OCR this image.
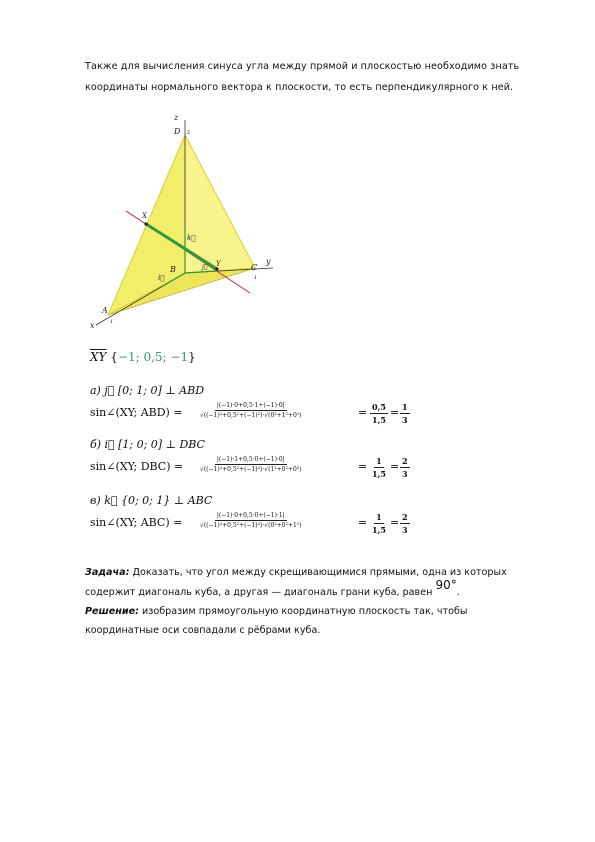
Также для вычисления синуса угла между прямой и плоскостью необходимо знать
координаты нормального вектора к плоскости, то есть перпендикулярного к ней.
z
D z
X
k⃗
B
Y	C
y
j⃗
i⃗
A
x	1
1
$\overline{XY}$ {−1; 0,5; −1}
а) j⃗ [0; 1; 0] ⊥ ABD
sin∠(XY; ABD) =	$\frac{|(-1)\cdot 0+0,5\cdot 1+(-1)\cdot 0|}{\text{√((−1)²+0,5²+(−1)²)·√(0²+1²+0²)}}$	= $\frac{0,5}{1,5} = \frac{1}{3}$
б) i⃗ [1; 0; 0] ⊥ DBC
sin∠(XY; DBC) =	$\frac{|(-1)\cdot 1+0,5\cdot 0+(-1)\cdot 0|}{\text{√((−1)²+0,5²+(−1)²)·√(1²+0²+0²)}}$	= $\frac{1}{1,5} = \frac{2}{3}$
в) k⃗ {0; 0; 1} ⊥ ABC
sin∠(XY; ABC) =	$\frac{|(-1)\cdot 0+0,5\cdot 0+(-1)\cdot 1|}{\text{√((−1)²+0,5²+(−1)²)·√(0²+0²+1²)}}$	= $\frac{1}{1,5} = \frac{2}{3}$
Задача: Доказать, что угол между скрещивающимися прямыми, одна из которых
содержит диагональ куба, а другая — диагональ грани куба, равен 90°.
Решение: изобразим прямоугольную координатную плоскость так, чтобы
координатные оси совпадали с рёбрами куба.
